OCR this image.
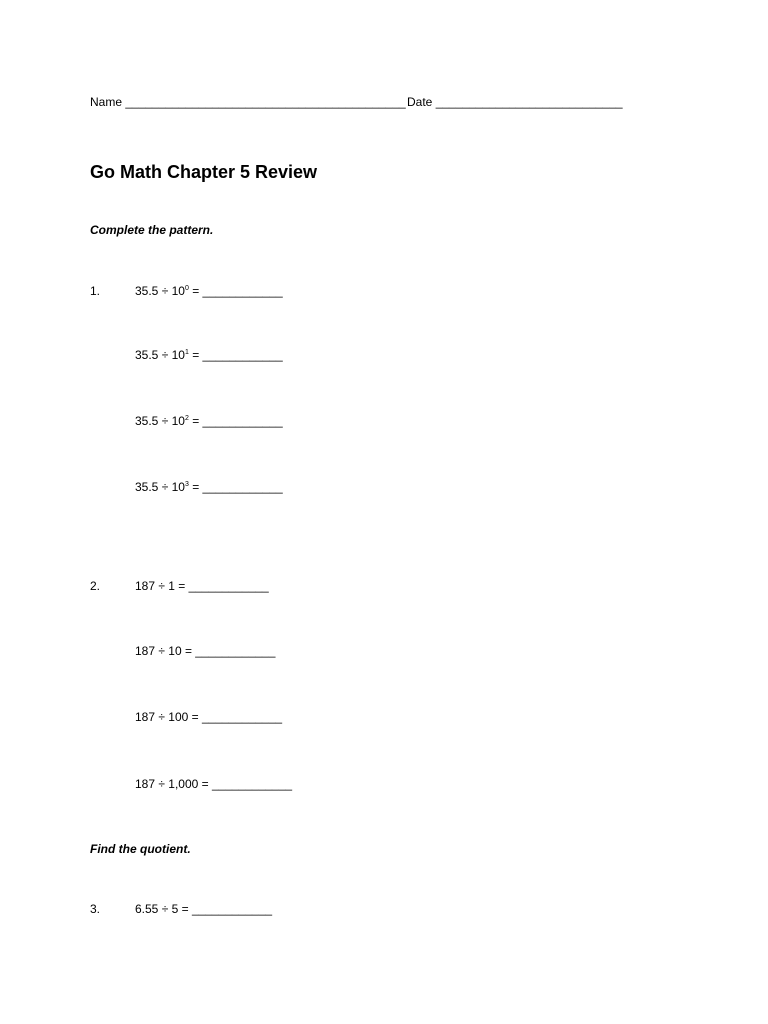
Name __________________________________________ Date ____________________________
Go Math Chapter 5 Review
Complete the pattern.
1.	$35.5 \div 10^0$ = ____________
$35.5 \div 10^1$ = ____________
$35.5 \div 10^2$ = ____________
$35.5 \div 10^3$ = ____________
2.	187 ÷ 1 = ____________
187 ÷ 10 = ____________
187 ÷ 100 = ____________
187 ÷ 1,000 = ____________
Find the quotient.
3.	6.55 ÷ 5 = ____________
